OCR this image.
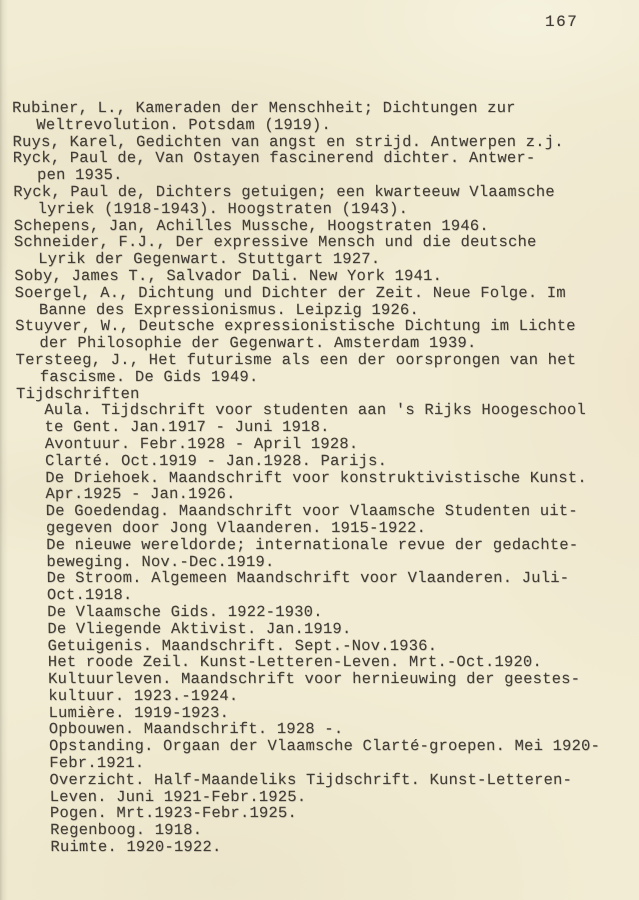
167
Rubiner, L., Kameraden der Menschheit; Dichtungen zur
Weltrevolution. Potsdam (1919).
Ruys, Karel, Gedichten van angst en strijd. Antwerpen z.j.
Ryck, Paul de, Van Ostayen fascinerend dichter. Antwer-
pen 1935.
Ryck, Paul de, Dichters getuigen; een kwarteeuw Vlaamsche
lyriek (1918-1943). Hoogstraten (1943).
Schepens, Jan, Achilles Mussche, Hoogstraten 1946.
Schneider, F.J., Der expressive Mensch und die deutsche
Lyrik der Gegenwart. Stuttgart 1927.
Soby, James T., Salvador Dali. New York 1941.
Soergel, A., Dichtung und Dichter der Zeit. Neue Folge. Im
Banne des Expressionismus. Leipzig 1926.
Stuyver, W., Deutsche expressionistische Dichtung im Lichte
der Philosophie der Gegenwart. Amsterdam 1939.
Tersteeg, J., Het futurisme als een der oorsprongen van het
fascisme. De Gids 1949.
Tijdschriften
Aula. Tijdschrift voor studenten aan 's Rijks Hoogeschool
te Gent. Jan.1917 - Juni 1918.
Avontuur. Febr.1928 - April 1928.
Clarté. Oct.1919 - Jan.1928. Parijs.
De Driehoek. Maandschrift voor konstruktivistische Kunst.
Apr.1925 - Jan.1926.
De Goedendag. Maandschrift voor Vlaamsche Studenten uit-
gegeven door Jong Vlaanderen. 1915-1922.
De nieuwe wereldorde; internationale revue der gedachte-
beweging. Nov.-Dec.1919.
De Stroom. Algemeen Maandschrift voor Vlaanderen. Juli-
Oct.1918.
De Vlaamsche Gids. 1922-1930.
De Vliegende Aktivist. Jan.1919.
Getuigenis. Maandschrift. Sept.-Nov.1936.
Het roode Zeil. Kunst-Letteren-Leven. Mrt.-Oct.1920.
Kultuurleven. Maandschrift voor hernieuwing der geestes-
kultuur. 1923.-1924.
Lumière. 1919-1923.
Opbouwen. Maandschrift. 1928 -.
Opstanding. Orgaan der Vlaamsche Clarté-groepen. Mei 1920-
Febr.1921.
Overzicht. Half-Maandeliks Tijdschrift. Kunst-Letteren-
Leven. Juni 1921-Febr.1925.
Pogen. Mrt.1923-Febr.1925.
Regenboog. 1918.
Ruimte. 1920-1922.
